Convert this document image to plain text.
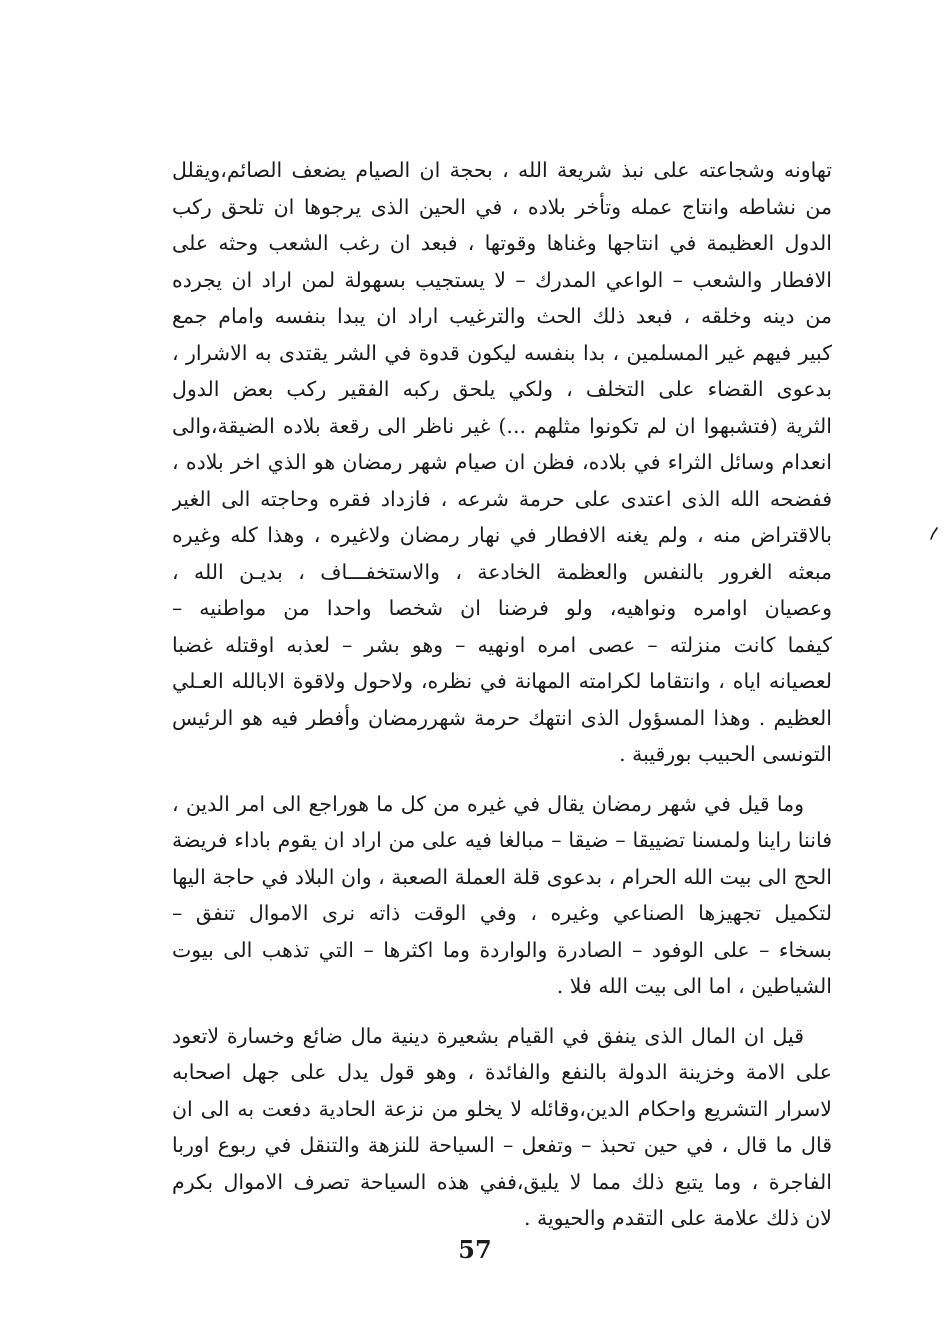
تهاونه وشجاعته على نبذ شريعة الله ، بحجة ان الصيام يضعف الصائم،ويقلل
من نشاطه وانتاج عمله وتأخر بلاده ، في الحين الذى يرجوها ان تلحق ركب
الدول العظيمة في انتاجها وغناها وقوتها ، فبعد ان رغب الشعب وحثه على
الافطار والشعب – الواعي المدرك – لا يستجيب بسهولة لمن اراد ان يجرده
من دينه وخلقه ، فبعد ذلك الحث والترغيب اراد ان يبدا بنفسه وامام جمع
كبير فيهم غير المسلمين ، بدا بنفسه ليكون قدوة في الشر يقتدى به الاشرار ،
بدعوى القضاء على التخلف ، ولكي يلحق ركبه الفقير ركب بعض الدول
الثرية (فتشبهوا ان لم تكونوا مثلهم ...) غير ناظر الى رقعة بلاده الضيقة،والى
انعدام وسائل الثراء في بلاده، فظن ان صيام شهر رمضان هو الذي اخر بلاده ،
ففضحه الله الذى اعتدى على حرمة شرعه ، فازداد فقره وحاجته الى الغير
بالاقتراض منه ، ولم يغنه الافطار في نهار رمضان ولاغيره ، وهذا كله وغيره
مبعثه الغرور بالنفس والعظمة الخادعة ، والاستخفـــاف ، بديـن الله ،
وعصيان اوامره ونواهيه، ولو فرضنا ان شخصا واحدا من مواطنيه –
كيفما كانت منزلته – عصى امره اونهيه – وهو بشر – لعذبه اوقتله غضبا
لعصيانه اياه ، وانتقاما لكرامته المهانة في نظره، ولاحول ولاقوة الابالله العـلي
العظيم . وهذا المسؤول الذى انتهك حرمة شهررمضان وأفطر فيه هو الرئيس
التونسى الحبيب بورقيبة .
وما قيل في شهر رمضان يقال في غيره من كل ما هوراجع الى امر الدين ،
فاننا راينا ولمسنا تضييقا – ضيقا – مبالغا فيه على من اراد ان يقوم باداء فريضة
الحج الى بيت الله الحرام ، بدعوى قلة العملة الصعبة ، وان البلاد في حاجة اليها
لتكميل تجهيزها الصناعي وغيره ، وفي الوقت ذاته نرى الاموال تنفق –
بسخاء – على الوفود – الصادرة والواردة وما اكثرها – التي تذهب الى بيوت
الشياطين ، اما الى بيت الله فلا .
قيل ان المال الذى ينفق في القيام بشعيرة دينية مال ضائع وخسارة لاتعود
على الامة وخزينة الدولة بالنفع والفائدة ، وهو قول يدل على جهل اصحابه
لاسرار التشريع واحكام الدين،وقائله لا يخلو من نزعة الحادية دفعت به الى ان
قال ما قال ، في حين تحبذ – وتفعل – السياحة للنزهة والتنقل في ربوع اوربا
الفاجرة ، وما يتبع ذلك مما لا يليق،ففي هذه السياحة تصرف الاموال بكرم
لان ذلك علامة على التقدم والحيوية .
57
